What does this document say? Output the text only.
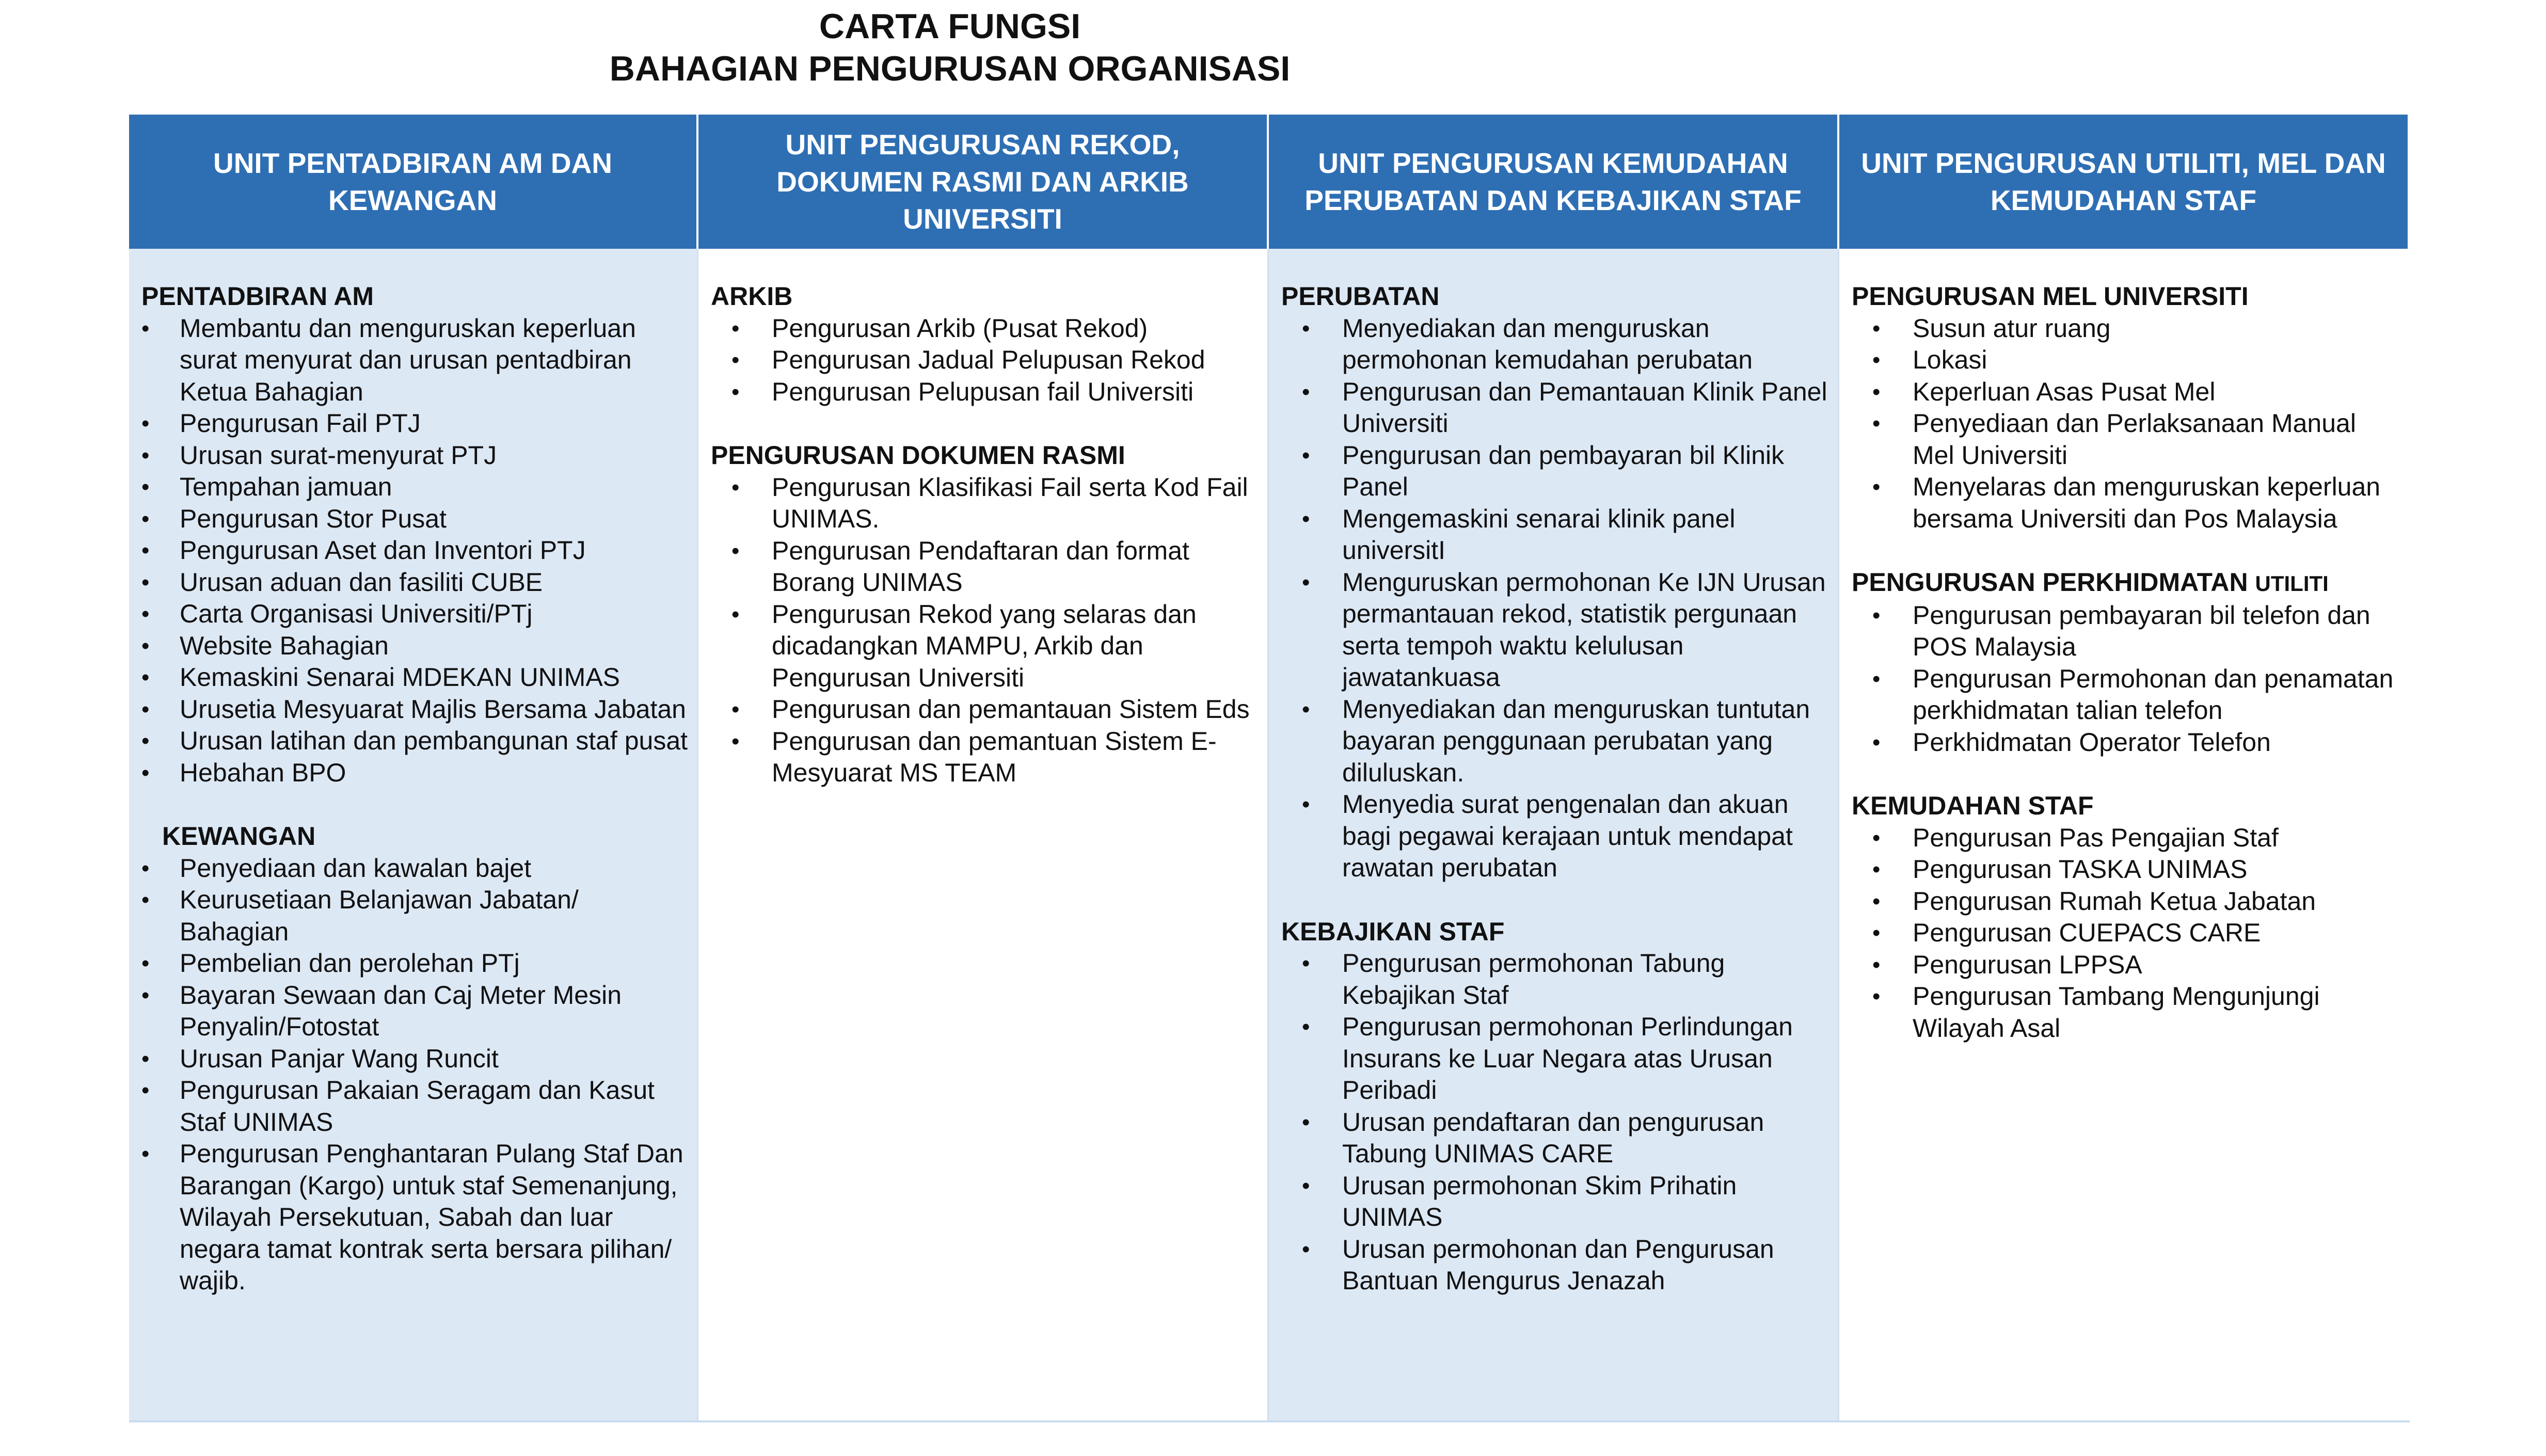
CARTA FUNGSI
BAHAGIAN PENGURUSAN ORGANISASI
UNIT PENTADBIRAN AM DAN KEWANGAN
UNIT PENGURUSAN REKOD, DOKUMEN RASMI DAN ARKIB UNIVERSITI
UNIT PENGURUSAN KEMUDAHAN PERUBATAN DAN KEBAJIKAN STAF
UNIT PENGURUSAN UTILITI, MEL DAN KEMUDAHAN STAF
PENTADBIRAN AM
• Membantu dan menguruskan keperluan surat menyurat dan urusan pentadbiran Ketua Bahagian
• Pengurusan Fail PTJ
• Urusan surat-menyurat PTJ
• Tempahan jamuan
• Pengurusan Stor Pusat
• Pengurusan Aset dan Inventori PTJ
• Urusan aduan dan fasiliti CUBE
• Carta Organisasi Universiti/PTj
• Website Bahagian
• Kemaskini Senarai MDEKAN UNIMAS
• Urusetia Mesyuarat Majlis Bersama Jabatan
• Urusan latihan dan pembangunan staf pusat
• Hebahan BPO
KEWANGAN
• Penyediaan dan kawalan bajet
• Keurusetiaan Belanjawan Jabatan/ Bahagian
• Pembelian dan perolehan PTj
• Bayaran Sewaan dan Caj Meter Mesin Penyalin/Fotostat
• Urusan Panjar Wang Runcit
• Pengurusan Pakaian Seragam dan Kasut Staf UNIMAS
• Pengurusan Penghantaran Pulang Staf Dan Barangan (Kargo) untuk staf Semenanjung, Wilayah Persekutuan, Sabah dan luar negara tamat kontrak serta bersara pilihan/ wajib.
ARKIB
• Pengurusan Arkib (Pusat Rekod)
• Pengurusan Jadual Pelupusan Rekod
• Pengurusan Pelupusan fail Universiti
PENGURUSAN DOKUMEN RASMI
• Pengurusan Klasifikasi Fail serta Kod Fail UNIMAS.
• Pengurusan Pendaftaran dan format Borang UNIMAS
• Pengurusan Rekod yang selaras dan dicadangkan MAMPU, Arkib dan Pengurusan Universiti
• Pengurusan dan pemantauan Sistem Eds
• Pengurusan dan pemantuan Sistem E-Mesyuarat MS TEAM
PERUBATAN
• Menyediakan dan menguruskan permohonan kemudahan perubatan
• Pengurusan dan Pemantauan Klinik Panel Universiti
• Pengurusan dan pembayaran bil Klinik Panel
• Mengemaskini senarai klinik panel universitI
• Menguruskan permohonan Ke IJN Urusan permantauan rekod, statistik pergunaan serta tempoh waktu kelulusan jawatankuasa
• Menyediakan dan menguruskan tuntutan bayaran penggunaan perubatan yang diluluskan.
• Menyedia surat pengenalan dan akuan bagi pegawai kerajaan untuk mendapat rawatan perubatan
KEBAJIKAN STAF
• Pengurusan permohonan Tabung Kebajikan Staf
• Pengurusan permohonan Perlindungan Insurans ke Luar Negara atas Urusan Peribadi
• Urusan pendaftaran dan pengurusan Tabung UNIMAS CARE
• Urusan permohonan Skim Prihatin UNIMAS
• Urusan permohonan dan Pengurusan Bantuan Mengurus Jenazah
PENGURUSAN MEL UNIVERSITI
• Susun atur ruang
• Lokasi
• Keperluan Asas Pusat Mel
• Penyediaan dan Perlaksanaan Manual Mel Universiti
• Menyelaras dan menguruskan keperluan bersama Universiti dan Pos Malaysia
PENGURUSAN PERKHIDMATAN UTILITI
• Pengurusan pembayaran bil telefon dan POS Malaysia
• Pengurusan Permohonan dan penamatan perkhidmatan talian telefon
• Perkhidmatan Operator Telefon
KEMUDAHAN STAF
• Pengurusan Pas Pengajian Staf
• Pengurusan TASKA UNIMAS
• Pengurusan Rumah Ketua Jabatan
• Pengurusan CUEPACS CARE
• Pengurusan LPPSA
• Pengurusan Tambang Mengunjungi Wilayah Asal
